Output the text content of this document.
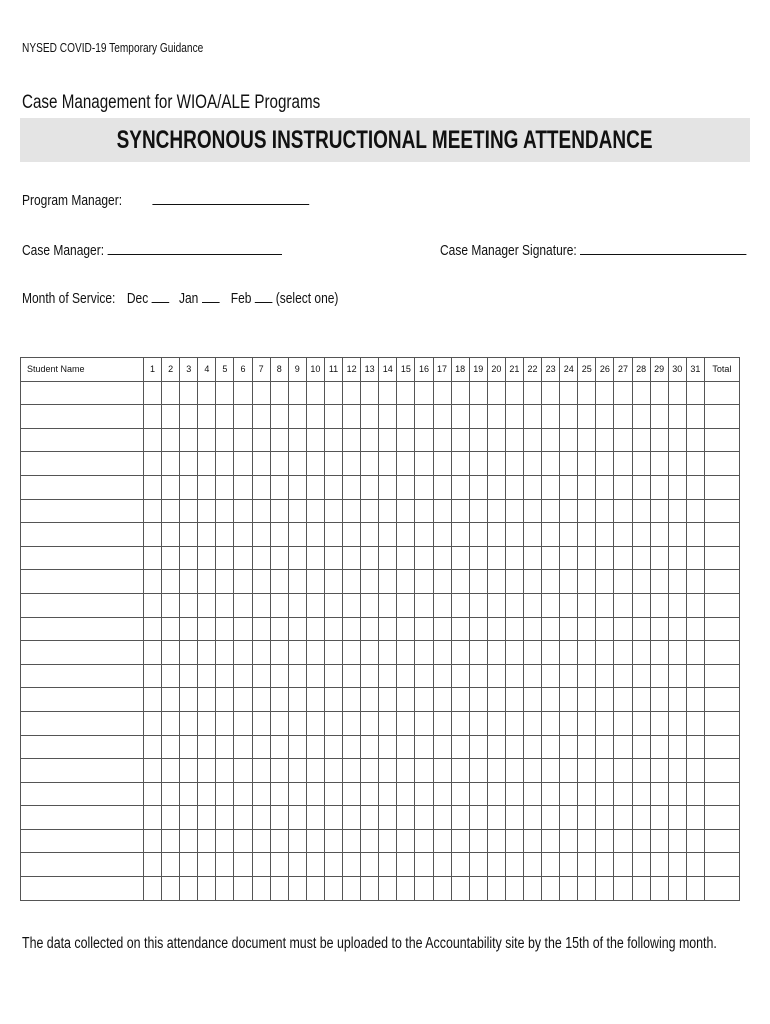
NYSED COVID-19 Temporary Guidance
Case Management for WIOA/ALE Programs
SYNCHRONOUS INSTRUCTIONAL MEETING ATTENDANCE
Program Manager:
Case Manager:	Case Manager Signature:
Month of Service: Dec Jan Feb (select one)
Student Name	1	2	3	4	5	6	7	8	9	10	11	12	13	14	15	16	17	18	19	20	21	22	23	24	25	26	27	28	29	30	31	Total

The data collected on this attendance document must be uploaded to the Accountability site by the 15th of the following month.
